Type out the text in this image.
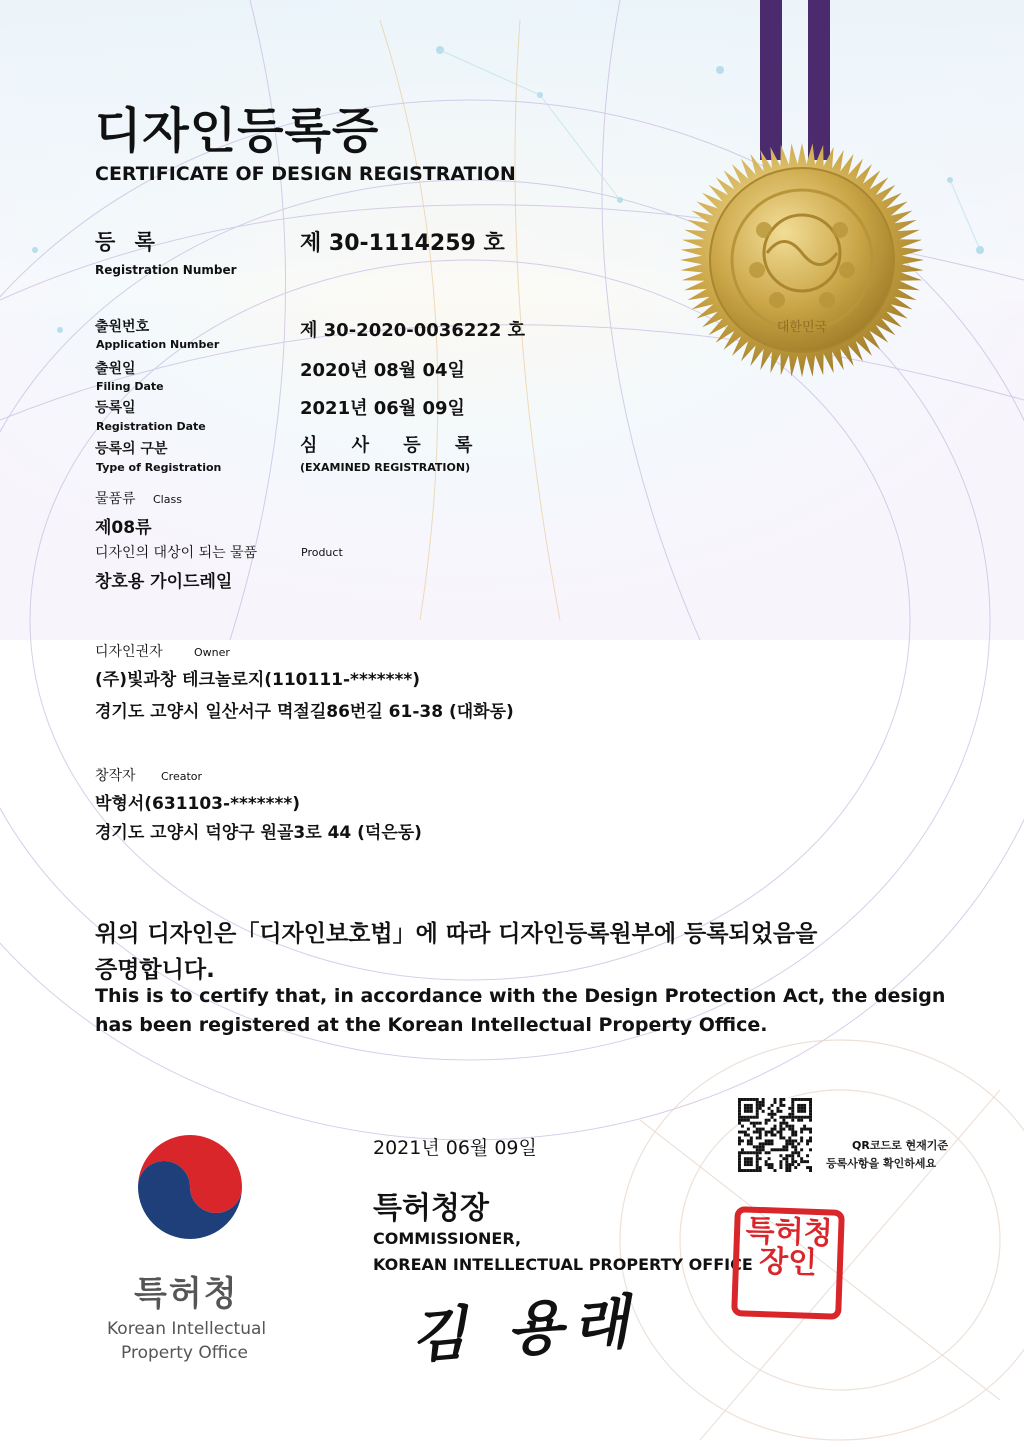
대한민국
디자인등록증
CERTIFICATE OF DESIGN REGISTRATION
등 록
Registration Number
제 30-1114259 호
출원번호
Application Number
제 30-2020-0036222 호
출원일
Filing Date
2020년 08월 04일
등록일
Registration Date
2021년 06월 09일
등록의 구분
Type of Registration
심 사 등 록
(EXAMINED REGISTRATION)
물품류 Class
제08류
디자인의 대상이 되는 물품	Product
창호용 가이드레일
디자인권자	Owner
(주)빛과창 테크놀로지(110111-*******)
경기도 고양시 일산서구 멱절길86번길 61-38 (대화동)
창작자 Creator
박형서(631103-*******)
경기도 고양시 덕양구 원골3로 44 (덕은동)
위의 디자인은「디자인보호법」에 따라 디자인등록원부에 등록되었음을
증명합니다.
This is to certify that, in accordance with the Design Protection Act, the design
has been registered at the Korean Intellectual Property Office.
2021년 06월 09일	QR코드로 현재기준
등록사항을 확인하세요
특허청장
COMMISSIONER,
KOREAN INTELLECTUAL PROPERTY OFFICE
김 용래
특허청장인
특허청
Korean Intellectual
Property Office
